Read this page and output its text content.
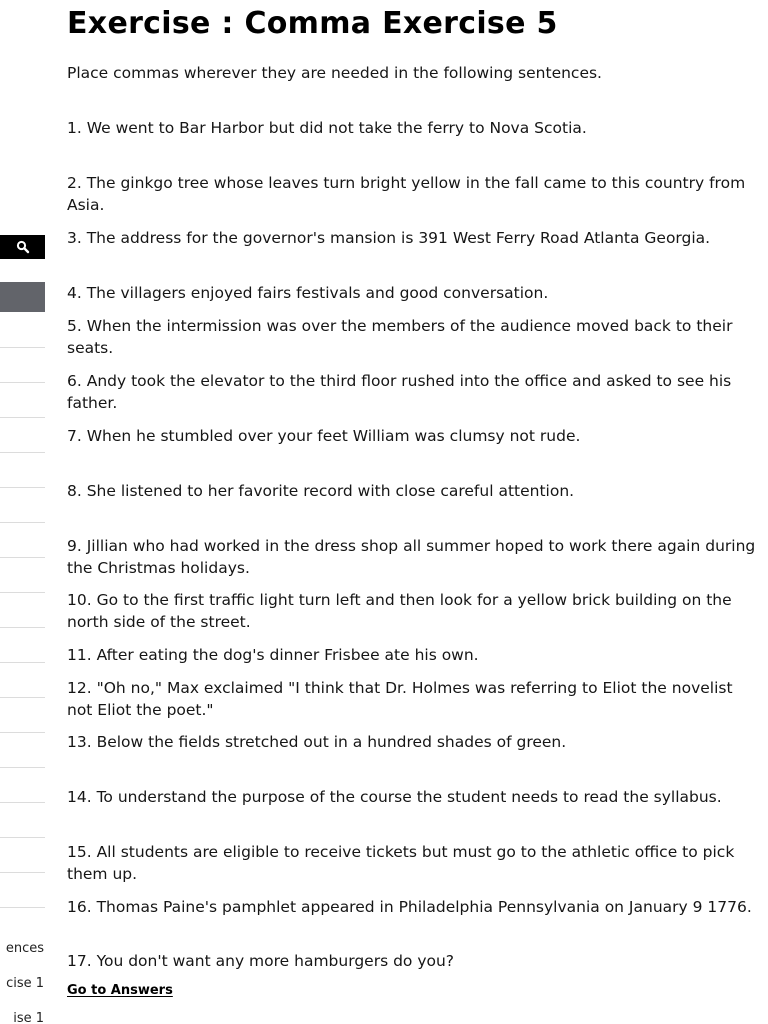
ences
cise 1
ise 1
Exercise : Comma Exercise 5

Place commas wherever they are needed in the following sentences.

1. We went to Bar Harbor but did not take the ferry to Nova Scotia.

2. The ginkgo tree whose leaves turn bright yellow in the fall came to this country from Asia.

3. The address for the governor's mansion is 391 West Ferry Road Atlanta Georgia.

4. The villagers enjoyed fairs festivals and good conversation.

5. When the intermission was over the members of the audience moved back to their seats.

6. Andy took the elevator to the third floor rushed into the office and asked to see his father.

7. When he stumbled over your feet William was clumsy not rude.

8. She listened to her favorite record with close careful attention.

9. Jillian who had worked in the dress shop all summer hoped to work there again during the Christmas holidays.

10. Go to the first traffic light turn left and then look for a yellow brick building on the north side of the street.

11. After eating the dog's dinner Frisbee ate his own.

12. "Oh no," Max exclaimed "I think that Dr. Holmes was referring to Eliot the novelist not Eliot the poet."

13. Below the fields stretched out in a hundred shades of green.

14. To understand the purpose of the course the student needs to read the syllabus.

15. All students are eligible to receive tickets but must go to the athletic office to pick them up.

16. Thomas Paine's pamphlet appeared in Philadelphia Pennsylvania on January 9 1776.

17. You don't want any more hamburgers do you?

Go to Answers
